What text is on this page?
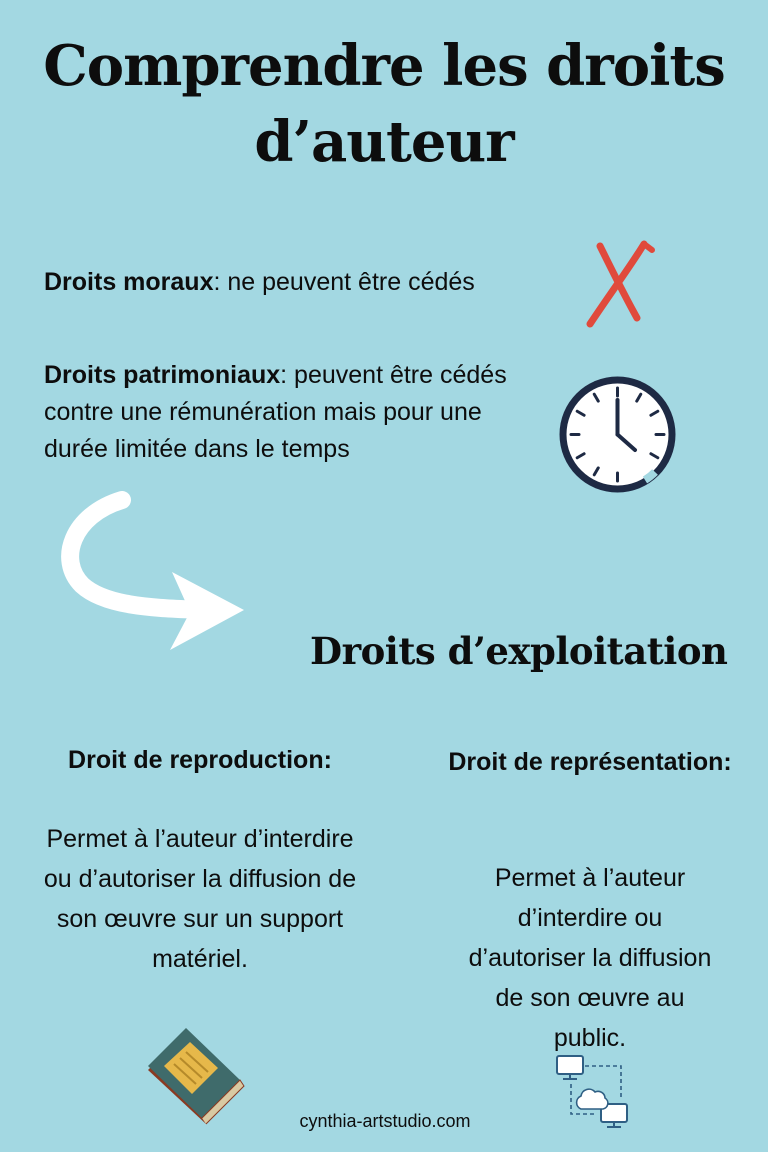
Comprendre les droits
d’auteur
Droits moraux: ne peuvent être cédés
Droits patrimoniaux: peuvent être cédés contre une rémunération mais pour une durée limitée dans le temps
Droits d’exploitation
Droit de reproduction:
Permet à l’auteur d’interdire ou d’autoriser la diffusion de son œuvre sur un support matériel.
Droit de représentation:
Permet à l’auteur d’interdire ou d’autoriser la diffusion de son œuvre au public.
cynthia-artstudio.com
